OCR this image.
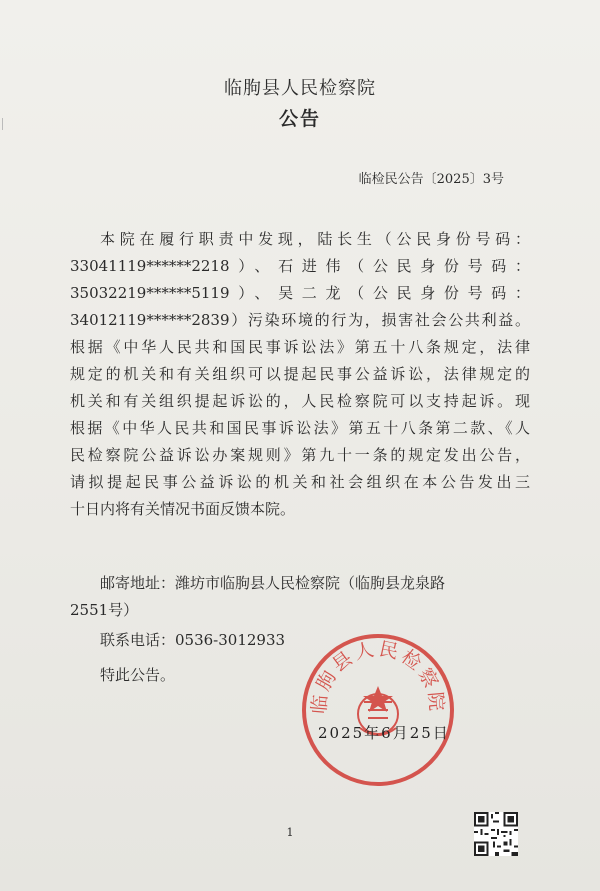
临朐县人民检察院
公告
临检民公告〔2025〕3号

本院在履行职责中发现，陆长生（公民身份号码：

33041119******2218）、石进伟（公民身份号码：

35032219******5119）、吴二龙（公民身份号码：

34012119******2839）污染环境的行为，损害社会公共利益。

根据《中华人民共和国民事诉讼法》第五十八条规定，法律

规定的机关和有关组织可以提起民事公益诉讼，法律规定的

机关和有关组织提起诉讼的，人民检察院可以支持起诉。现

根据《中华人民共和国民事诉讼法》第五十八条第二款、《人

民检察院公益诉讼办案规则》第九十一条的规定发出公告，

请拟提起民事公益诉讼的机关和社会组织在本公告发出三

十日内将有关情况书面反馈本院。

邮寄地址：潍坊市临朐县人民检察院（临朐县龙泉路
2551号）
联系电话：0536-3012933
特此公告。
临朐县人民检察院
2025年6月25日
1
